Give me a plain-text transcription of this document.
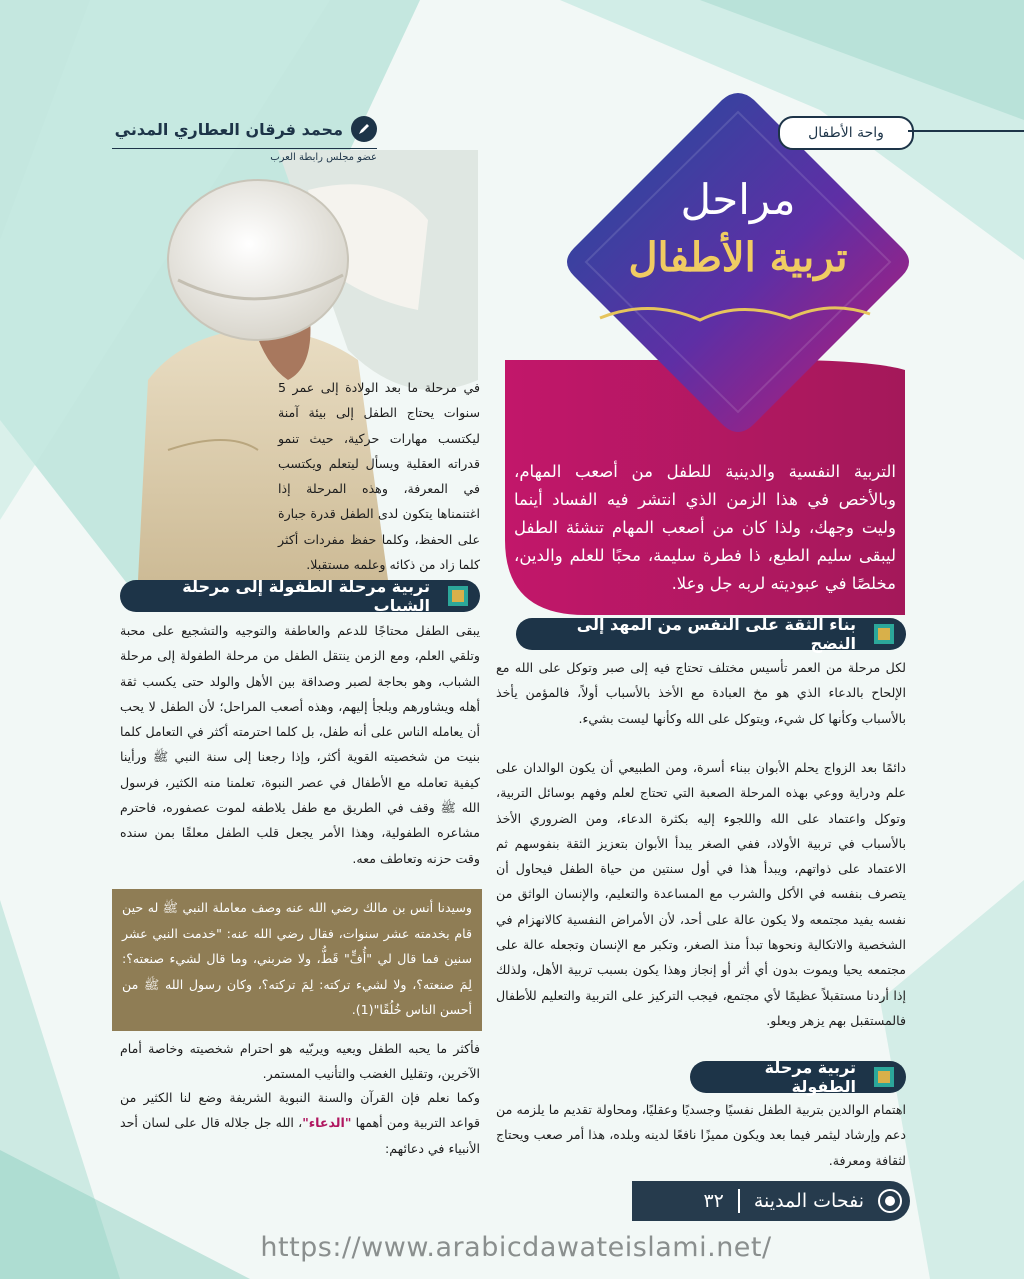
واحة الأطفال
محمد فرقان العطاري المدني
عضو مجلس رابطة العرب
مراحل
تربية الأطفال

التربية النفسية والدينية للطفل من أصعب المهام، وبالأخص في هذا الزمن الذي انتشر فيه الفساد أينما وليت وجهك، ولذا كان من أصعب المهام تنشئة الطفل ليبقى سليم الطبع، ذا فطرة سليمة، محبًا للعلم والدين، مخلصًا في عبوديته لربه جل وعلا.

في مرحلة ما بعد الولادة إلى عمر 5 سنوات يحتاج الطفل إلى بيئة آمنة ليكتسب مهارات حركية، حيث تنمو قدراته العقلية ويسأل ليتعلم ويكتسب في المعرفة، وهذه المرحلة إذا اغتنمناها يتكون لدى الطفل قدرة جبارة على الحفظ، وكلما حفظ مفردات أكثر كلما زاد من ذكائه وعلمه مستقبلا.

تربية مرحلة الطفولة إلى مرحلة الشباب

يبقى الطفل محتاجًا للدعم والعاطفة والتوجيه والتشجيع على محبة وتلقي العلم، ومع الزمن ينتقل الطفل من مرحلة الطفولة إلى مرحلة الشباب، وهو بحاجة لصبر وصداقة بين الأهل والولد حتى يكسب ثقة أهله ويشاورهم ويلجأ إليهم، وهذه أصعب المراحل؛ لأن الطفل لا يحب أن يعامله الناس على أنه طفل، بل كلما احترمته أكثر في التعامل كلما بنيت من شخصيته القوية أكثر، وإذا رجعنا إلى سنة النبي ﷺ ورأينا كيفية تعامله مع الأطفال في عصر النبوة، تعلمنا منه الكثير، فرسول الله ﷺ وقف في الطريق مع طفل يلاطفه لموت عصفوره، فاحترم مشاعره الطفولية، وهذا الأمر يجعل قلب الطفل معلقًا بمن سنده وقت حزنه وتعاطف معه.

وسيدنا أنس بن مالك رضي الله عنه وصف معاملة النبي ﷺ له حين قام بخدمته عشر سنوات، فقال رضي الله عنه: "خدمت النبي عشر سنين فما قال لي "أُفٍّ" قَطُّ، ولا ضربني، وما قال لشيء صنعته؟: لِمَ صنعته؟، ولا لشيء تركته: لِمَ تركته؟، وكان رسول الله ﷺ من أحسن الناس خُلُقًا"(1).

فأكثر ما يحبه الطفل ويعيه ويربّيه هو احترام شخصيته وخاصة أمام الآخرين، وتقليل الغضب والتأنيب المستمر.

وكما نعلم فإن القرآن والسنة النبوية الشريفة وضع لنا الكثير من قواعد التربية ومن أهمها "الدعاء"، الله جل جلاله قال على لسان أحد الأنبياء في دعائهم:

بناء الثقة على النفس من المهد إلى النضج

لكل مرحلة من العمر تأسيس مختلف تحتاج فيه إلى صبر وتوكل على الله مع الإلحاح بالدعاء الذي هو مخ العبادة مع الأخذ بالأسباب أولاً، فالمؤمن يأخذ بالأسباب وكأنها كل شيء، ويتوكل على الله وكأنها ليست بشيء.

دائمًا بعد الزواج يحلم الأبوان ببناء أسرة، ومن الطبيعي أن يكون الوالدان على علم ودراية ووعي بهذه المرحلة الصعبة التي تحتاج لعلم وفهم بوسائل التربية، وتوكل واعتماد على الله واللجوء إليه بكثرة الدعاء، ومن الضروري الأخذ بالأسباب في تربية الأولاد، ففي الصغر يبدأ الأبوان بتعزيز الثقة بنفوسهم ثم الاعتماد على ذواتهم، ويبدأ هذا في أول سنتين من حياة الطفل فيحاول أن يتصرف بنفسه في الأكل والشرب مع المساعدة والتعليم، والإنسان الواثق من نفسه يفيد مجتمعه ولا يكون عالة على أحد، لأن الأمراض النفسية كالانهزام في الشخصية والاتكالية ونحوها تبدأ منذ الصغر، وتكبر مع الإنسان وتجعله عالة على مجتمعه يحيا ويموت بدون أي أثر أو إنجاز وهذا يكون بسبب تربية الأهل، ولذلك إذا أردنا مستقبلاً عظيمًا لأي مجتمع، فيجب التركيز على التربية والتعليم للأطفال فالمستقبل بهم يزهر ويعلو.

تربية مرحلة الطفولة

اهتمام الوالدين بتربية الطفل نفسيًا وجسديًا وعقليًا، ومحاولة تقديم ما يلزمه من دعم وإرشاد ليثمر فيما بعد ويكون مميزًا نافعًا لدينه وبلده، هذا أمر صعب ويحتاج لثقافة ومعرفة.

نفحات المدينة
٣٢
https://www.arabicdawateislami.net/
